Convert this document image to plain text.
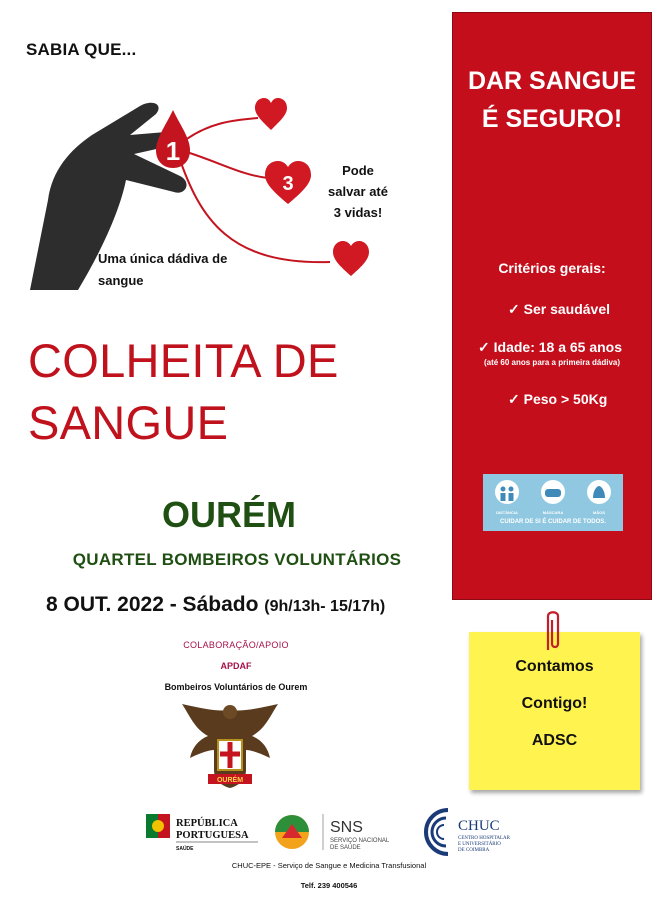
SABIA QUE...
1
3
Pode
salvar até
3 vidas!
Uma única dádiva de
sangue
COLHEITA DE
SANGUE
OURÉM
QUARTEL BOMBEIROS VOLUNTÁRIOS
8 OUT. 2022 - Sábado (9h/13h- 15/17h)
COLABORAÇÃO/APOIO
APDAF
Bombeiros Voluntários de Ourem
OURÉM
DAR SANGUE
É SEGURO!
Critérios gerais:
✓ Ser saudável
✓ Idade: 18 a 65 anos
(até 60 anos para a primeira dádiva)
✓ Peso > 50Kg
DISTÂNCIA	MÁSCARA	MÃOS
CUIDAR DE SI É CUIDAR DE TODOS.
Contamos
Contigo!
ADSC
REPÚBLICA
PORTUGUESA
SAÚDE
SNS
SERVIÇO NACIONAL
DE SAÚDE
CHUC
CENTRO HOSPITALAR
E UNIVERSITÁRIO
DE COIMBRA
CHUC-EPE - Serviço de Sangue e Medicina Transfusional
Telf. 239 400546
